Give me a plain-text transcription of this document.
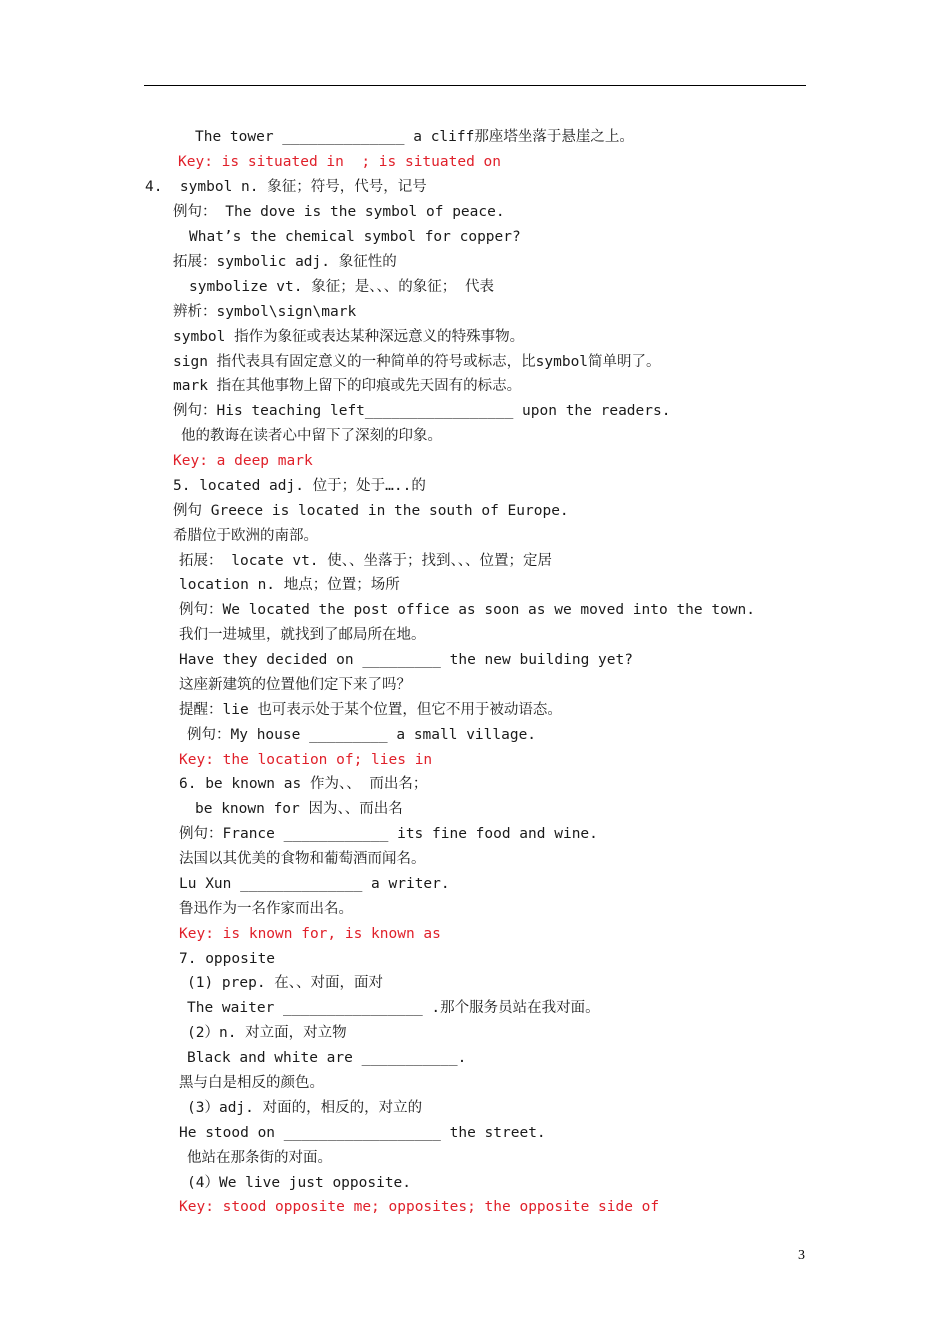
The tower ______________ a cliff那座塔坐落于悬崖之上。
Key: is situated in  ; is situated on
4.  symbol n. 象征；符号，代号，记号
例句： The dove is the symbol of peace.
What’s the chemical symbol for copper?
拓展：symbolic adj. 象征性的
symbolize vt. 象征；是、、、的象征； 代表
辨析：symbol\sign\mark
symbol 指作为象征或表达某种深远意义的特殊事物。
sign 指代表具有固定意义的一种简单的符号或标志，比symbol简单明了。
mark 指在其他事物上留下的印痕或先天固有的标志。
例句：His teaching left_________________ upon the readers.
他的教诲在读者心中留下了深刻的印象。
Key: a deep mark
5. located adj. 位于；处于…..的
例句 Greece is located in the south of Europe.
希腊位于欧洲的南部。
拓展： locate vt. 使、、坐落于；找到、、、位置；定居
location n. 地点；位置；场所
例句：We located the post office as soon as we moved into the town.
我们一进城里，就找到了邮局所在地。
Have they decided on _________ the new building yet?
这座新建筑的位置他们定下来了吗？
提醒：lie 也可表示处于某个位置，但它不用于被动语态。
例句：My house _________ a small village.
Key: the location of; lies in
6. be known as 作为、、 而出名；
be known for 因为、、而出名
例句：France ____________ its fine food and wine.
法国以其优美的食物和葡萄酒而闻名。
Lu Xun ______________ a writer.
鲁迅作为一名作家而出名。
Key: is known for, is known as
7. opposite
(1) prep. 在、、对面，面对
The waiter ________________ .那个服务员站在我对面。
(2）n. 对立面，对立物
Black and white are ___________.
黑与白是相反的颜色。
(3）adj. 对面的，相反的，对立的
He stood on __________________ the street.
他站在那条街的对面。
(4）We live just opposite.
Key: stood opposite me; opposites; the opposite side of
3
